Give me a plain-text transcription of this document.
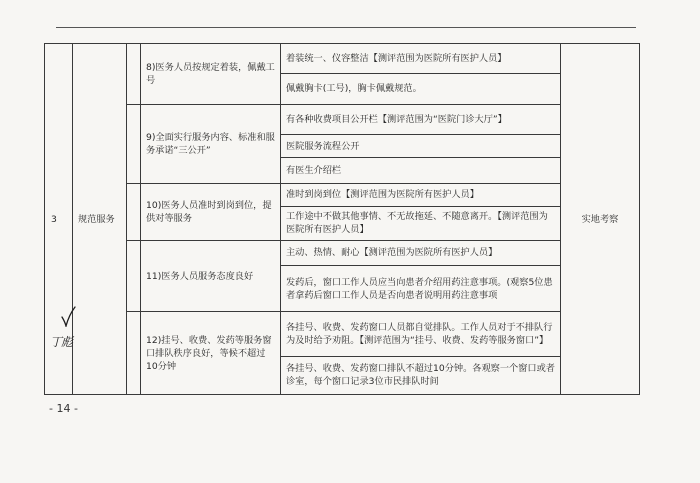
3	规范服务		8)医务人员按规定着装，佩戴工号	着装统一、仪容整洁【测评范围为医院所有医护人员】	实地考察
				佩戴胸卡(工号)，胸卡佩戴规范。	

			9)全面实行服务内容、标准和服务承诺“三公开”	有各种收费项目公开栏【测评范围为“医院门诊大厅”】	
				医院服务流程公开	
				有医生介绍栏	

			10)医务人员准时到岗到位，提供对等服务	准时到岗到位【测评范围为医院所有医护人员】	
				工作途中不做其他事情、不无故拖延、不随意离开。【测评范围为医院所有医护人员】	

			11)医务人员服务态度良好	主动、热情、耐心【测评范围为医院所有医护人员】	
				发药后，窗口工作人员应当向患者介绍用药注意事项。(观察5位患者拿药后窗口工作人员是否向患者说明用药注意事项	

			12)挂号、收费、发药等服务窗口排队秩序良好，等候不超过10分钟	各挂号、收费、发药窗口人员都自觉排队。工作人员对于不排队行为及时给予劝阻。【测评范围为“挂号、收费、发药等服务窗口”】	
				各挂号、收费、发药窗口排队不超过10分钟。各观察一个窗口或者诊室，每个窗口记录3位市民排队时间	
丁彪
- 14 -
